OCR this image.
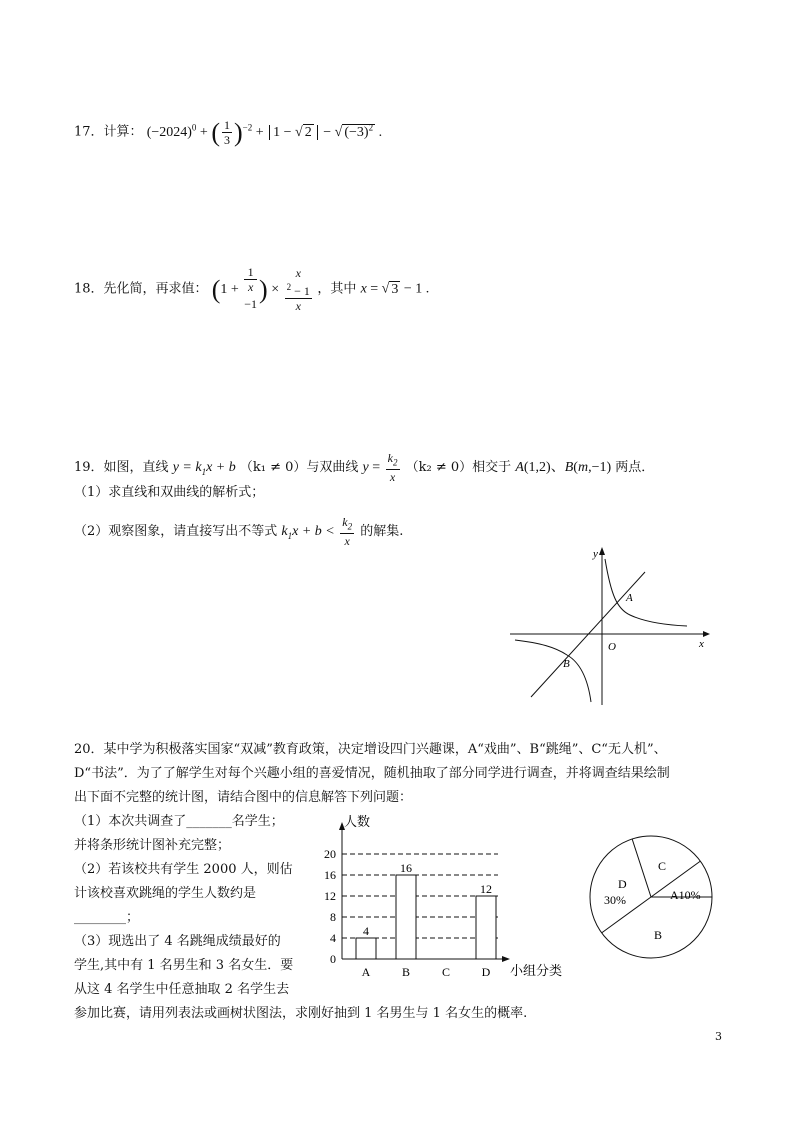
17．计算： $(-2024)^0$ + ( $\frac{1}{3} )^{-2} + 1$ − √ 2 − √ $(-3)^2$ .
18．先化简，再求值： (1 +
1
x
−1) × x
$^2$ − 1
x ，其中 x = √ 3 − 1 .
19．如图，直线 $y = k_1x + b$ （k₁ ≠ 0）与双曲线 $y = \frac{k_2}{x} (k_2 \ne 0)$相交于 A(1,2)、B(m,−1) 两点．
（1）求直线和双曲线的解析式；
（2）观察图象，请直接写出不等式 $k_1x + b < \frac{k_2}{x}$ 的解集.
y
x
O
A
B
20．某中学为积极落实国家“双减”教育政策，决定增设四门兴趣课，A“戏曲”、B“跳绳”、C“无人机”、
D“书法”．为了了解学生对每个兴趣小组的喜爱情况，随机抽取了部分同学进行调查，并将调查结果绘制
出下面不完整的统计图，请结合图中的信息解答下列问题：
（1）本次共调查了_______名学生；
并将条形统计图补充完整；
（2）若该校共有学生 2000 人，则估
计该校喜欢跳绳的学生人数约是
________；
（3）现选出了 4 名跳绳成绩最好的
学生,其中有 1 名男生和 3 名女生．要
从这 4 名学生中任意抽取 2 名学生去
参加比赛，请用列表法或画树状图法，求刚好抽到 1 名男生与 1 名女生的概率.
人数
小组分类
0
4
8
12
16
20
4
A
16
B	C
12
D
C
A10%
B
D
30%
3
